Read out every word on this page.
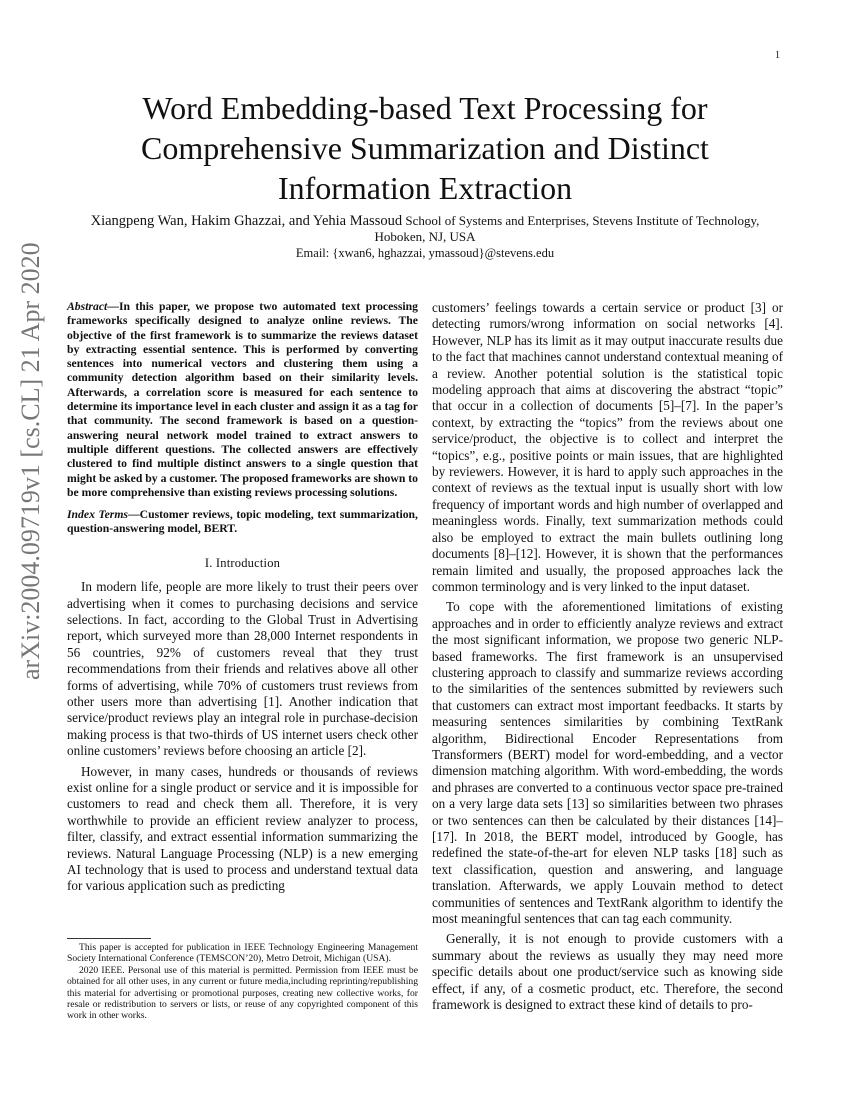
1
arXiv:2004.09719v1 [cs.CL] 21 Apr 2020
Word Embedding-based Text Processing for Comprehensive Summarization and Distinct Information Extraction
Xiangpeng Wan, Hakim Ghazzai, and Yehia Massoud School of Systems and Enterprises, Stevens Institute of Technology, Hoboken, NJ, USA
Email: {xwan6, hghazzai, ymassoud}@stevens.edu

Abstract—In this paper, we propose two automated text processing frameworks specifically designed to analyze online reviews. The objective of the first framework is to summarize the reviews dataset by extracting essential sentence. This is performed by converting sentences into numerical vectors and clustering them using a community detection algorithm based on their similarity levels. Afterwards, a correlation score is measured for each sentence to determine its importance level in each cluster and assign it as a tag for that community. The second framework is based on a question-answering neural network model trained to extract answers to multiple different questions. The collected answers are effectively clustered to find multiple distinct answers to a single question that might be asked by a customer. The proposed frameworks are shown to be more comprehensive than existing reviews processing solutions.

Index Terms—Customer reviews, topic modeling, text summarization, question-answering model, BERT.

I. Introduction

In modern life, people are more likely to trust their peers over advertising when it comes to purchasing decisions and service selections. In fact, according to the Global Trust in Advertising report, which surveyed more than 28,000 Internet respondents in 56 countries, 92% of customers reveal that they trust recommendations from their friends and relatives above all other forms of advertising, while 70% of customers trust reviews from other users more than advertising [1]. Another indication that service/product reviews play an integral role in purchase-decision making process is that two-thirds of US internet users check other online customers’ reviews before choosing an article [2].

However, in many cases, hundreds or thousands of reviews exist online for a single product or service and it is impossible for customers to read and check them all. Therefore, it is very worthwhile to provide an efficient review analyzer to process, filter, classify, and extract essential information summarizing the reviews. Natural Language Processing (NLP) is a new emerging AI technology that is used to process and understand textual data for various application such as predicting

This paper is accepted for publication in IEEE Technology Engineering Management Society International Conference (TEMSCON’20), Metro Detroit, Michigan (USA).

2020 IEEE. Personal use of this material is permitted. Permission from IEEE must be obtained for all other uses, in any current or future media,including reprinting/republishing this material for advertising or promotional purposes, creating new collective works, for resale or redistribution to servers or lists, or reuse of any copyrighted component of this work in other works.

customers’ feelings towards a certain service or product [3] or detecting rumors/wrong information on social networks [4]. However, NLP has its limit as it may output inaccurate results due to the fact that machines cannot understand contextual meaning of a review. Another potential solution is the statistical topic modeling approach that aims at discovering the abstract “topic” that occur in a collection of documents [5]–[7]. In the paper’s context, by extracting the “topics” from the reviews about one service/product, the objective is to collect and interpret the “topics”, e.g., positive points or main issues, that are highlighted by reviewers. However, it is hard to apply such approaches in the context of reviews as the textual input is usually short with low frequency of important words and high number of overlapped and meaningless words. Finally, text summarization methods could also be employed to extract the main bullets outlining long documents [8]–[12]. However, it is shown that the performances remain limited and usually, the proposed approaches lack the common terminology and is very linked to the input dataset.

To cope with the aforementioned limitations of existing approaches and in order to efficiently analyze reviews and extract the most significant information, we propose two generic NLP-based frameworks. The first framework is an unsupervised clustering approach to classify and summarize reviews according to the similarities of the sentences submitted by reviewers such that customers can extract most important feedbacks. It starts by measuring sentences similarities by combining TextRank algorithm, Bidirectional Encoder Representations from Transformers (BERT) model for word-embedding, and a vector dimension matching algorithm. With word-embedding, the words and phrases are converted to a continuous vector space pre-trained on a very large data sets [13] so similarities between two phrases or two sentences can then be calculated by their distances [14]–[17]. In 2018, the BERT model, introduced by Google, has redefined the state-of-the-art for eleven NLP tasks [18] such as text classification, question and answering, and language translation. Afterwards, we apply Louvain method to detect communities of sentences and TextRank algorithm to identify the most meaningful sentences that can tag each community.

Generally, it is not enough to provide customers with a summary about the reviews as usually they may need more specific details about one product/service such as knowing side effect, if any, of a cosmetic product, etc. Therefore, the second framework is designed to extract these kind of details to pro-
